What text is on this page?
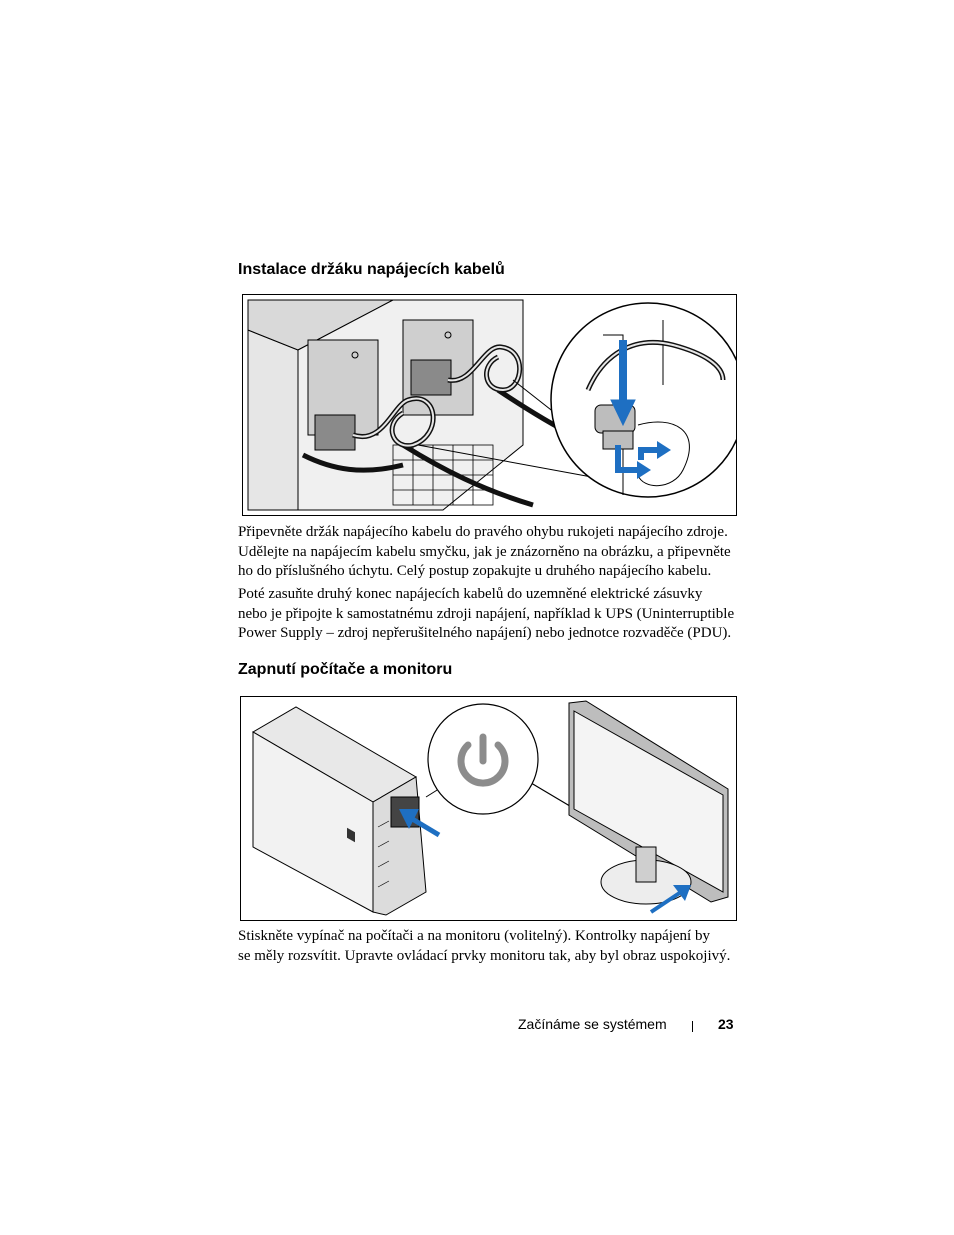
Instalace držáku napájecích kabelů
Připevněte držák napájecího kabelu do pravého ohybu rukojeti napájecího zdroje.
Udělejte na napájecím kabelu smyčku, jak je znázorněno na obrázku, a připevněte
ho do příslušného úchytu. Celý postup zopakujte u druhého napájecího kabelu.
Poté zasuňte druhý konec napájecích kabelů do uzemněné elektrické zásuvky
nebo je připojte k samostatnému zdroji napájení, například k UPS (Uninterruptible
Power Supply – zdroj nepřerušitelného napájení) nebo jednotce rozvaděče (PDU).
Zapnutí počítače a monitoru
Stiskněte vypínač na počítači a na monitoru (volitelný). Kontrolky napájení by
se měly rozsvítit. Upravte ovládací prvky monitoru tak, aby byl obraz uspokojivý.
Začínáme se systémem	23
